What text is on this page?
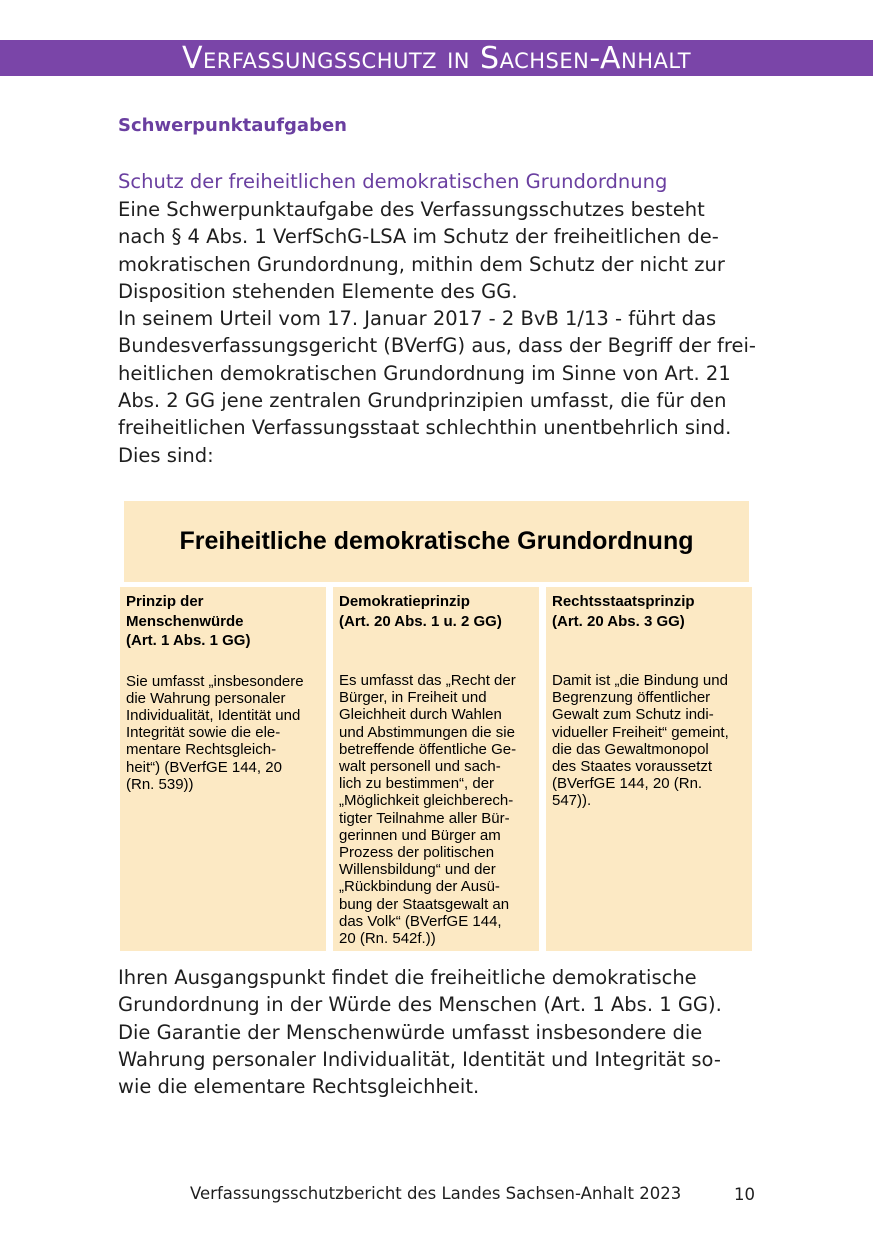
Verfassungsschutz in Sachsen-Anhalt
Schwerpunktaufgaben
Schutz der freiheitlichen demokratischen Grundordnung
Eine Schwerpunktaufgabe des Verfassungsschutzes besteht
nach § 4 Abs. 1 VerfSchG-LSA im Schutz der freiheitlichen de-
mokratischen Grundordnung, mithin dem Schutz der nicht zur
Disposition stehenden Elemente des GG.
In seinem Urteil vom 17. Januar 2017 - 2 BvB 1/13 - führt das
Bundesverfassungsgericht (BVerfG) aus, dass der Begriff der frei-
heitlichen demokratischen Grundordnung im Sinne von Art. 21
Abs. 2 GG jene zentralen Grundprinzipien umfasst, die für den
freiheitlichen Verfassungsstaat schlechthin unentbehrlich sind.
Dies sind:
Freiheitliche demokratische Grundordnung
Prinzip der
Menschenwürde
(Art. 1 Abs. 1 GG)
Sie umfasst „insbesondere
die Wahrung personaler
Individualität, Identität und
Integrität sowie die ele-
mentare Rechtsgleich-
heit“) (BVerfGE 144, 20
(Rn. 539))
Demokratieprinzip
(Art. 20 Abs. 1 u. 2 GG)
Es umfasst das „Recht der
Bürger, in Freiheit und
Gleichheit durch Wahlen
und Abstimmungen die sie
betreffende öffentliche Ge-
walt personell und sach-
lich zu bestimmen“, der
„Möglichkeit gleichberech-
tigter Teilnahme aller Bür-
gerinnen und Bürger am
Prozess der politischen
Willensbildung“ und der
„Rückbindung der Ausü-
bung der Staatsgewalt an
das Volk“ (BVerfGE 144,
20 (Rn. 542f.))
Rechtsstaatsprinzip
(Art. 20 Abs. 3 GG)
Damit ist „die Bindung und
Begrenzung öffentlicher
Gewalt zum Schutz indi-
vidueller Freiheit“ gemeint,
die das Gewaltmonopol
des Staates voraussetzt
(BVerfGE 144, 20 (Rn.
547)).
Ihren Ausgangspunkt findet die freiheitliche demokratische
Grundordnung in der Würde des Menschen (Art. 1 Abs. 1 GG).
Die Garantie der Menschenwürde umfasst insbesondere die
Wahrung personaler Individualität, Identität und Integrität so-
wie die elementare Rechtsgleichheit.
Verfassungsschutzbericht des Landes Sachsen-Anhalt 2023	10
